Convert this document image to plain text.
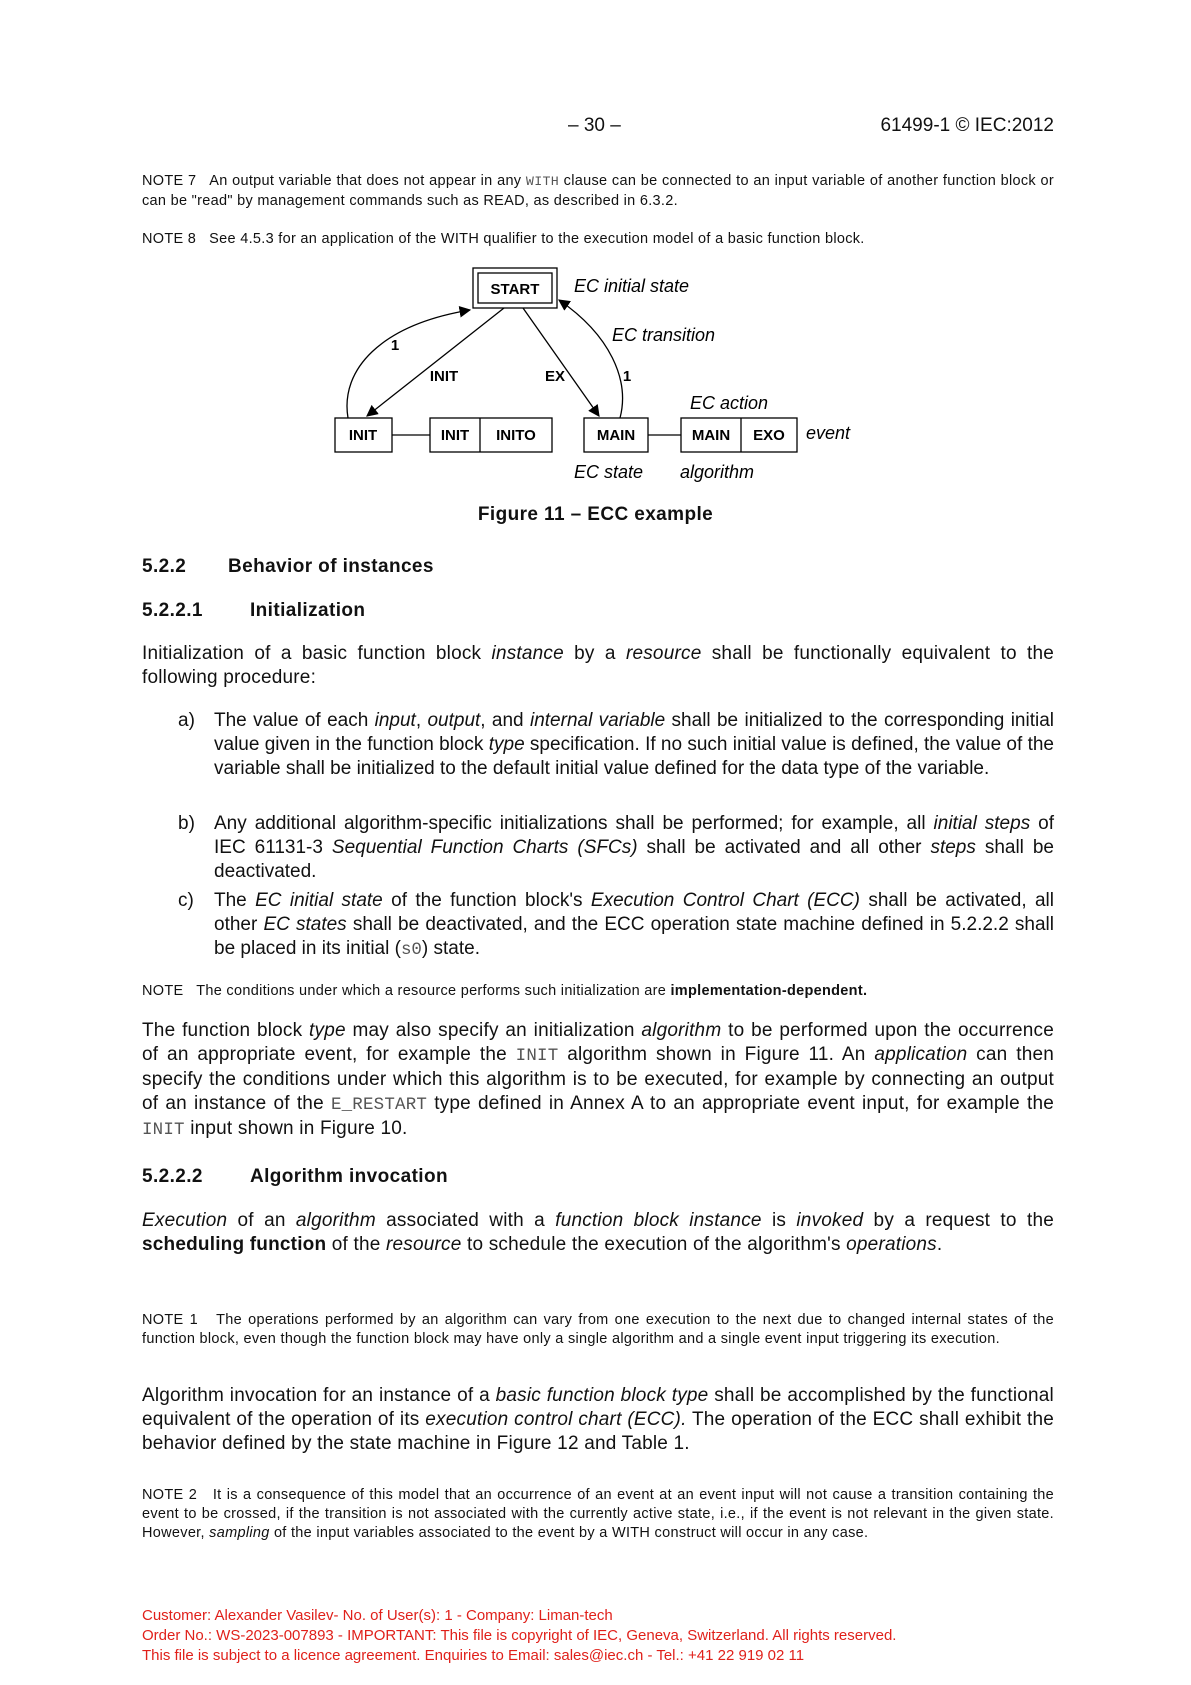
– 30 –	61499-1 © IEC:2012
NOTE 7 An output variable that does not appear in any WITH clause can be connected to an input variable of another function block or can be "read" by management commands such as READ, as described in 6.3.2.
NOTE 8 See 4.5.3 for an application of the WITH qualifier to the execution model of a basic function block.
START EC initial state
INIT	INIT INITO	MAIN	MAIN EXO event
1
INIT	EX	1
EC transition
EC action
EC state algorithm
Figure 11 – ECC example
5.2.2 Behavior of instances
5.2.2.1 Initialization
Initialization of a basic function block instance by a resource shall be functionally equivalent to the following procedure:
a) The value of each input, output, and internal variable shall be initialized to the corresponding initial value given in the function block type specification. If no such initial value is defined, the value of the variable shall be initialized to the default initial value defined for the data type of the variable.
b) Any additional algorithm-specific initializations shall be performed; for example, all initial steps of IEC 61131-3 Sequential Function Charts (SFCs) shall be activated and all other steps shall be deactivated.
c) The EC initial state of the function block's Execution Control Chart (ECC) shall be activated, all other EC states shall be deactivated, and the ECC operation state machine defined in 5.2.2.2 shall be placed in its initial (s0) state.
NOTE The conditions under which a resource performs such initialization are implementation-dependent.
The function block type may also specify an initialization algorithm to be performed upon the occurrence of an appropriate event, for example the INIT algorithm shown in Figure 11. An application can then specify the conditions under which this algorithm is to be executed, for example by connecting an output of an instance of the E_RESTART type defined in Annex A to an appropriate event input, for example the INIT input shown in Figure 10.
5.2.2.2 Algorithm invocation
Execution of an algorithm associated with a function block instance is invoked by a request to the scheduling function of the resource to schedule the execution of the algorithm's operations.
NOTE 1 The operations performed by an algorithm can vary from one execution to the next due to changed internal states of the function block, even though the function block may have only a single algorithm and a single event input triggering its execution.
Algorithm invocation for an instance of a basic function block type shall be accomplished by the functional equivalent of the operation of its execution control chart (ECC). The operation of the ECC shall exhibit the behavior defined by the state machine in Figure 12 and Table 1.
NOTE 2 It is a consequence of this model that an occurrence of an event at an event input will not cause a transition containing the event to be crossed, if the transition is not associated with the currently active state, i.e., if the event is not relevant in the given state. However, sampling of the input variables associated to the event by a WITH construct will occur in any case.
Customer: Alexander Vasilev- No. of User(s): 1 - Company: Liman-tech
Order No.: WS-2023-007893 - IMPORTANT: This file is copyright of IEC, Geneva, Switzerland. All rights reserved.
This file is subject to a licence agreement. Enquiries to Email: sales@iec.ch - Tel.: +41 22 919 02 11
